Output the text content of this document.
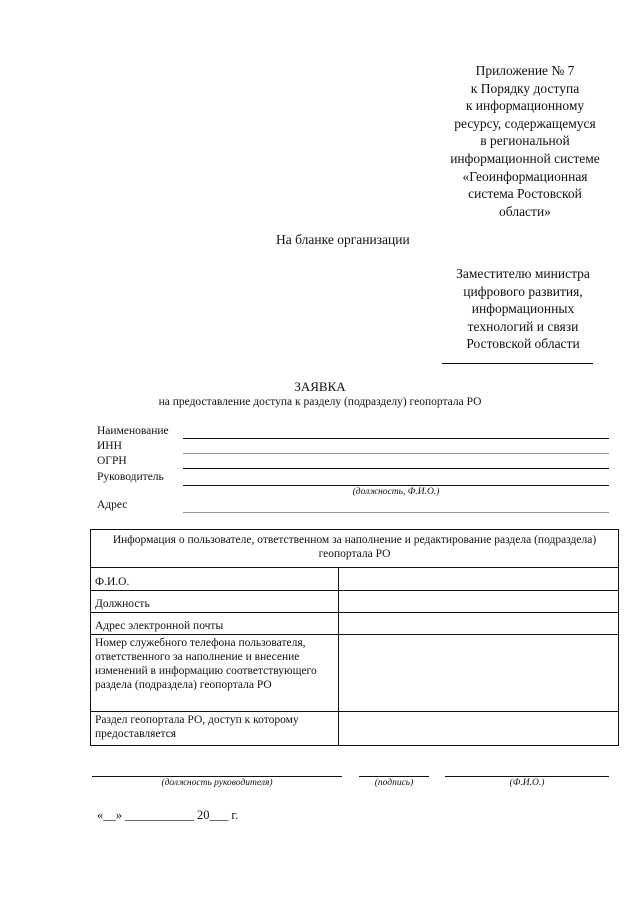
Приложение № 7
к Порядку доступа
к информационному
ресурсу, содержащемуся
в региональной
информационной системе
«Геоинформационная
система Ростовской
области»
На бланке организации
Заместителю министра
цифрового развития,
информационных
технологий и связи
Ростовской области
ЗАЯВКА
на предоставление доступа к разделу (подразделу) геопортала РО
Наименование
ИНН
ОГРН
Руководитель
(должность, Ф.И.О.)
Адрес
Информация о пользователе, ответственном за наполнение и редактирование раздела (подраздела) геопортала РО	
Ф.И.О.	
Должность	
Адрес электронной почты	
Номер служебного телефона пользователя, ответственного за наполнение и внесение изменений в информацию соответствующего раздела (подраздела) геопортала РО	
Раздел геопортала РО, доступ к которому предоставляется	
(должность руководителя)	(подпись)	(Ф.И.О.)
«__» ___________ 20___ г.
